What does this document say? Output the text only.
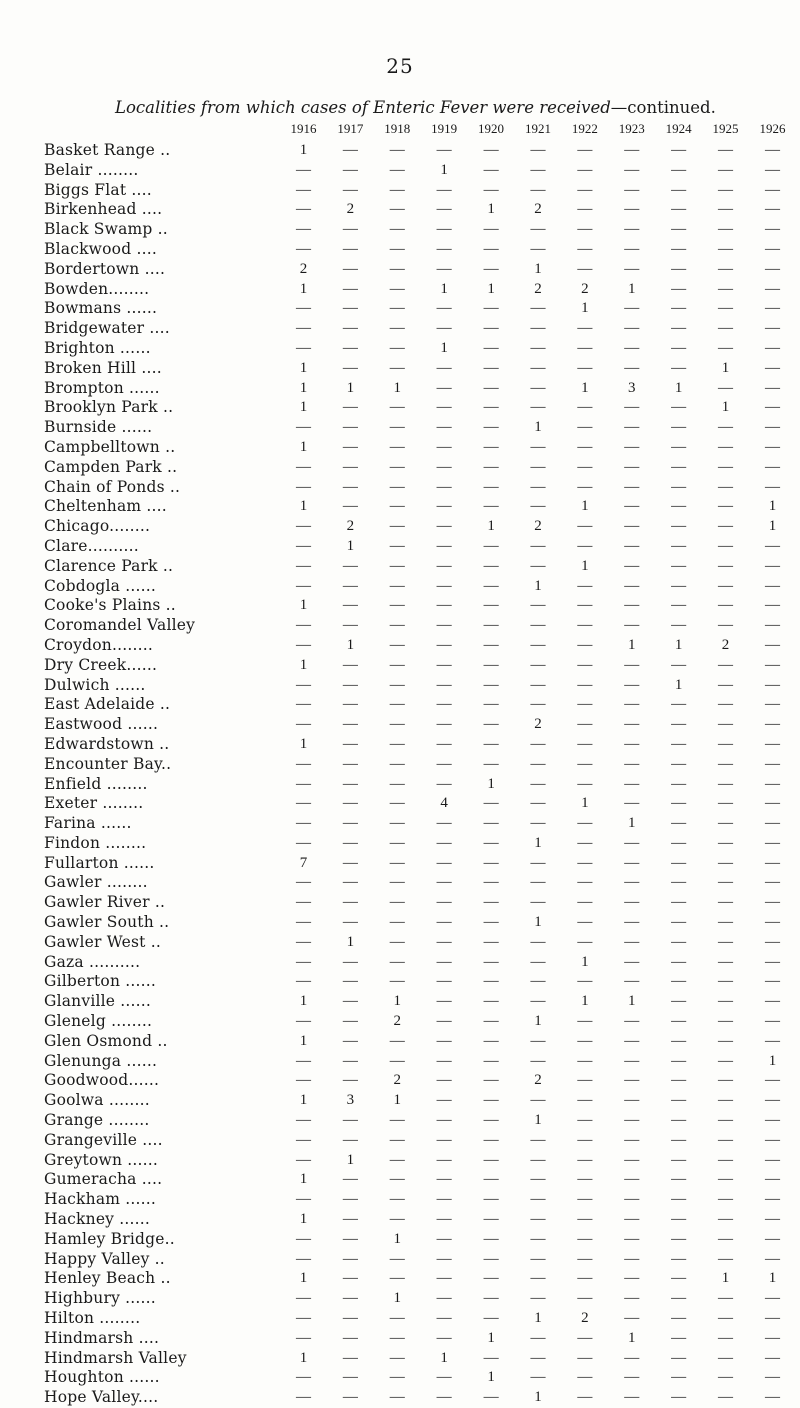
25
Localities from which cases of Enteric Fever were received—continued.
1916	1917	1918	1919	1920	1921	1922	1923	1924	1925	1926
Basket Range ..	1	—	—	—	—	—	—	—	—	—	—
Belair ........	—	—	—	1	—	—	—	—	—	—	—
Biggs Flat ....	—	—	—	—	—	—	—	—	—	—	—
Birkenhead ....	—	2	—	—	1	2	—	—	—	—	—
Black Swamp ..	—	—	—	—	—	—	—	—	—	—	—
Blackwood ....	—	—	—	—	—	—	—	—	—	—	—
Bordertown ....	2	—	—	—	—	1	—	—	—	—	—
Bowden........	1	—	—	1	1	2	2	1	—	—	—
Bowmans ......	—	—	—	—	—	—	1	—	—	—	—
Bridgewater ....	—	—	—	—	—	—	—	—	—	—	—
Brighton ......	—	—	—	1	—	—	—	—	—	—	—
Broken Hill ....	1	—	—	—	—	—	—	—	—	1	—
Brompton ......	1	1	1	—	—	—	1	3	1	—	—
Brooklyn Park ..	1	—	—	—	—	—	—	—	—	1	—
Burnside ......	—	—	—	—	—	1	—	—	—	—	—
Campbelltown ..	1	—	—	—	—	—	—	—	—	—	—
Campden Park ..	—	—	—	—	—	—	—	—	—	—	—
Chain of Ponds ..	—	—	—	—	—	—	—	—	—	—	—
Cheltenham ....	1	—	—	—	—	—	1	—	—	—	1
Chicago........	—	2	—	—	1	2	—	—	—	—	1
Clare..........	—	1	—	—	—	—	—	—	—	—	—
Clarence Park ..	—	—	—	—	—	—	1	—	—	—	—
Cobdogla ......	—	—	—	—	—	1	—	—	—	—	—
Cooke's Plains ..	1	—	—	—	—	—	—	—	—	—	—
Coromandel Valley	—	—	—	—	—	—	—	—	—	—	—
Croydon........	—	1	—	—	—	—	—	1	1	2	—
Dry Creek......	1	—	—	—	—	—	—	—	—	—	—
Dulwich ......	—	—	—	—	—	—	—	—	1	—	—
East Adelaide ..	—	—	—	—	—	—	—	—	—	—	—
Eastwood ......	—	—	—	—	—	2	—	—	—	—	—
Edwardstown ..	1	—	—	—	—	—	—	—	—	—	—
Encounter Bay..	—	—	—	—	—	—	—	—	—	—	—
Enfield ........	—	—	—	—	1	—	—	—	—	—	—
Exeter ........	—	—	—	4	—	—	1	—	—	—	—
Farina ......	—	—	—	—	—	—	—	1	—	—	—
Findon ........	—	—	—	—	—	1	—	—	—	—	—
Fullarton ......	7	—	—	—	—	—	—	—	—	—	—
Gawler ........	—	—	—	—	—	—	—	—	—	—	—
Gawler River ..	—	—	—	—	—	—	—	—	—	—	—
Gawler South ..	—	—	—	—	—	1	—	—	—	—	—
Gawler West ..	—	1	—	—	—	—	—	—	—	—	—
Gaza ..........	—	—	—	—	—	—	1	—	—	—	—
Gilberton ......	—	—	—	—	—	—	—	—	—	—	—
Glanville ......	1	—	1	—	—	—	1	1	—	—	—
Glenelg ........	—	—	2	—	—	1	—	—	—	—	—
Glen Osmond ..	1	—	—	—	—	—	—	—	—	—	—
Glenunga ......	—	—	—	—	—	—	—	—	—	—	1
Goodwood......	—	—	2	—	—	2	—	—	—	—	—
Goolwa ........	1	3	1	—	—	—	—	—	—	—	—
Grange ........	—	—	—	—	—	1	—	—	—	—	—
Grangeville ....	—	—	—	—	—	—	—	—	—	—	—
Greytown ......	—	1	—	—	—	—	—	—	—	—	—
Gumeracha ....	1	—	—	—	—	—	—	—	—	—	—
Hackham ......	—	—	—	—	—	—	—	—	—	—	—
Hackney ......	1	—	—	—	—	—	—	—	—	—	—
Hamley Bridge..	—	—	1	—	—	—	—	—	—	—	—
Happy Valley ..	—	—	—	—	—	—	—	—	—	—	—
Henley Beach ..	1	—	—	—	—	—	—	—	—	1	1
Highbury ......	—	—	1	—	—	—	—	—	—	—	—
Hilton ........	—	—	—	—	—	1	2	—	—	—	—
Hindmarsh ....	—	—	—	—	1	—	—	1	—	—	—
Hindmarsh Valley	1	—	—	1	—	—	—	—	—	—	—
Houghton ......	—	—	—	—	1	—	—	—	—	—	—
Hope Valley....	—	—	—	—	—	1	—	—	—	—	—
